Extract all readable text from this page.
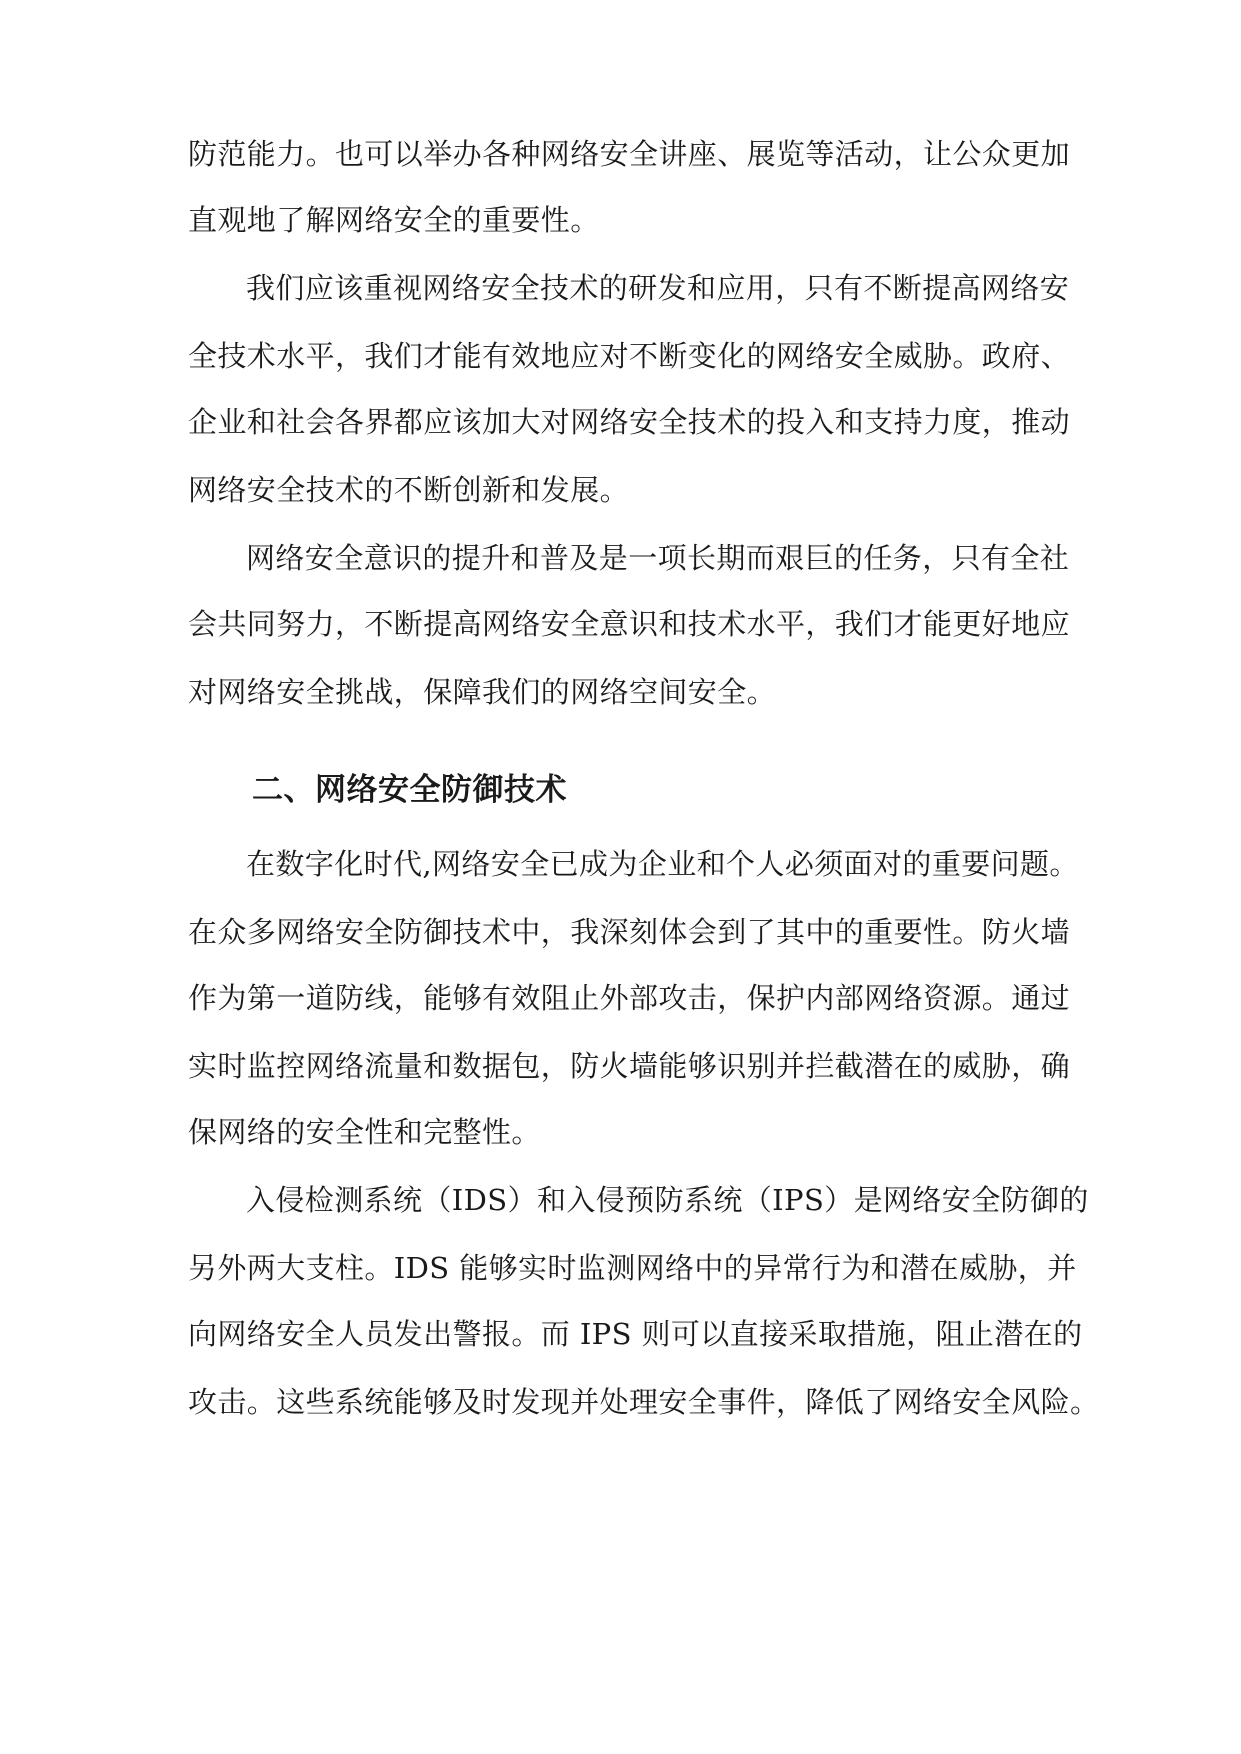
防范能力。也可以举办各种网络安全讲座、展览等活动，让公众更加
直观地了解网络安全的重要性。
我们应该重视网络安全技术的研发和应用，只有不断提高网络安
全技术水平，我们才能有效地应对不断变化的网络安全威胁。政府、
企业和社会各界都应该加大对网络安全技术的投入和支持力度，推动
网络安全技术的不断创新和发展。
网络安全意识的提升和普及是一项长期而艰巨的任务，只有全社
会共同努力，不断提高网络安全意识和技术水平，我们才能更好地应
对网络安全挑战，保障我们的网络空间安全。
二、网络安全防御技术
在数字化时代,网络安全已成为企业和个人必须面对的重要问题。
在众多网络安全防御技术中，我深刻体会到了其中的重要性。防火墙
作为第一道防线，能够有效阻止外部攻击，保护内部网络资源。通过
实时监控网络流量和数据包，防火墙能够识别并拦截潜在的威胁，确
保网络的安全性和完整性。
入侵检测系统（IDS）和入侵预防系统（IPS）是网络安全防御的
另外两大支柱。IDS 能够实时监测网络中的异常行为和潜在威胁，并
向网络安全人员发出警报。而 IPS 则可以直接采取措施，阻止潜在的
攻击。这些系统能够及时发现并处理安全事件，降低了网络安全风险。
